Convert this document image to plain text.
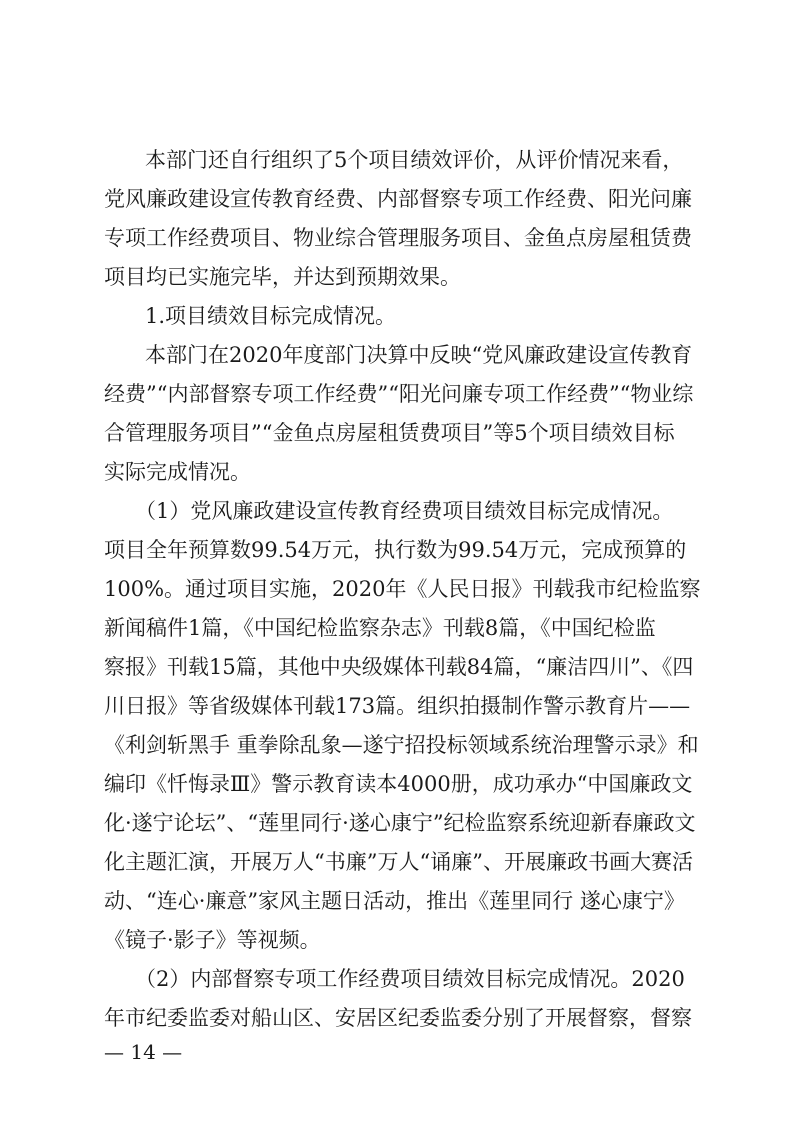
本部门还自行组织了5个项目绩效评价，从评价情况来看，
党风廉政建设宣传教育经费、内部督察专项工作经费、阳光问廉
专项工作经费项目、物业综合管理服务项目、金鱼点房屋租赁费
项目均已实施完毕，并达到预期效果。
1.项目绩效目标完成情况。
本部门在2020年度部门决算中反映“党风廉政建设宣传教育
经费”“内部督察专项工作经费”“阳光问廉专项工作经费”“物业综
合管理服务项目”“金鱼点房屋租赁费项目”等5个项目绩效目标
实际完成情况。
（1）党风廉政建设宣传教育经费项目绩效目标完成情况。
项目全年预算数99.54万元，执行数为99.54万元，完成预算的
100%。通过项目实施，2020年《人民日报》刊载我市纪检监察
新闻稿件1篇，《中国纪检监察杂志》刊载8篇，《中国纪检监
察报》刊载15篇，其他中央级媒体刊载84篇，“廉洁四川”、《四
川日报》等省级媒体刊载173篇。组织拍摄制作警示教育片——
《利剑斩黑手 重拳除乱象—遂宁招投标领域系统治理警示录》和
编印《忏悔录Ⅲ》警示教育读本4000册，成功承办“中国廉政文
化·遂宁论坛”、“莲里同行·遂心康宁”纪检监察系统迎新春廉政文
化主题汇演，开展万人“书廉”万人“诵廉”、开展廉政书画大赛活
动、“连心·廉意”家风主题日活动，推出《莲里同行 遂心康宁》
《镜子·影子》等视频。
（2）内部督察专项工作经费项目绩效目标完成情况。2020
年市纪委监委对船山区、安居区纪委监委分别了开展督察，督察
— 14 —
